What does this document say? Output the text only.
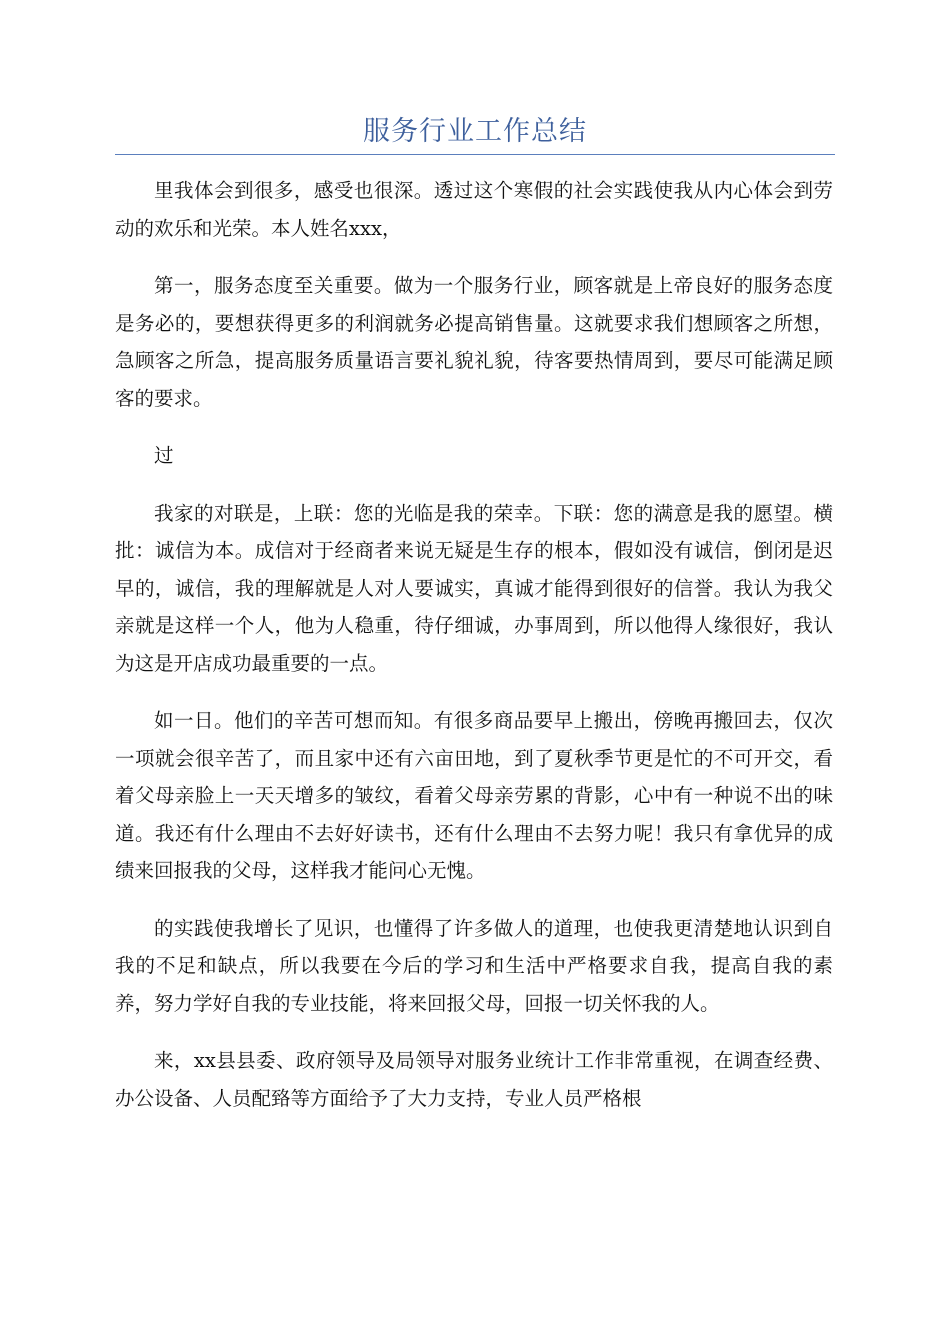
服务行业工作总结

里我体会到很多，感受也很深。透过这个寒假的社会实践使我从内心体会到劳动的欢乐和光荣。本人姓名xxx，

第一，服务态度至关重要。做为一个服务行业，顾客就是上帝良好的服务态度是务必的，要想获得更多的利润就务必提高销售量。这就要求我们想顾客之所想，急顾客之所急，提高服务质量语言要礼貌礼貌，待客要热情周到，要尽可能满足顾客的要求。

过

我家的对联是，上联：您的光临是我的荣幸。下联：您的满意是我的愿望。横批：诚信为本。成信对于经商者来说无疑是生存的根本，假如没有诚信，倒闭是迟早的，诚信，我的理解就是人对人要诚实，真诚才能得到很好的信誉。我认为我父亲就是这样一个人，他为人稳重，待仔细诚，办事周到，所以他得人缘很好，我认为这是开店成功最重要的一点。

如一日。他们的辛苦可想而知。有很多商品要早上搬出，傍晚再搬回去，仅次一项就会很辛苦了，而且家中还有六亩田地，到了夏秋季节更是忙的不可开交，看着父母亲脸上一天天增多的皱纹，看着父母亲劳累的背影，心中有一种说不出的味道。我还有什么理由不去好好读书，还有什么理由不去努力呢！我只有拿优异的成绩来回报我的父母，这样我才能问心无愧。

的实践使我增长了见识，也懂得了许多做人的道理，也使我更清楚地认识到自我的不足和缺点，所以我要在今后的学习和生活中严格要求自我，提高自我的素养，努力学好自我的专业技能，将来回报父母，回报一切关怀我的人。

来，xx县县委、政府领导及局领导对服务业统计工作非常重视，在调查经费、办公设备、人员配臵等方面给予了大力支持，专业人员严格根
